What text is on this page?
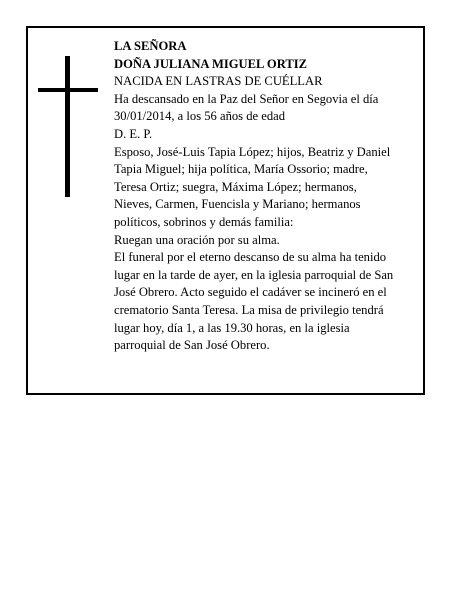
LA SEÑORA
DOÑA JULIANA MIGUEL ORTIZ
NACIDA EN LASTRAS DE CUÉLLAR
Ha descansado en la Paz del Señor en Segovia el día
30/01/2014, a los 56 años de edad
D. E. P.
Esposo, José-Luis Tapia López; hijos, Beatriz y Daniel
Tapia Miguel; hija política, María Ossorio; madre,
Teresa Ortiz; suegra, Máxima López; hermanos,
Nieves, Carmen, Fuencisla y Mariano; hermanos
políticos, sobrinos y demás familia:
Ruegan una oración por su alma.
El funeral por el eterno descanso de su alma ha tenido
lugar en la tarde de ayer, en la iglesia parroquial de San
José Obrero. Acto seguido el cadáver se incineró en el
crematorio Santa Teresa. La misa de privilegio tendrá
lugar hoy, día 1, a las 19.30 horas, en la iglesia
parroquial de San José Obrero.
